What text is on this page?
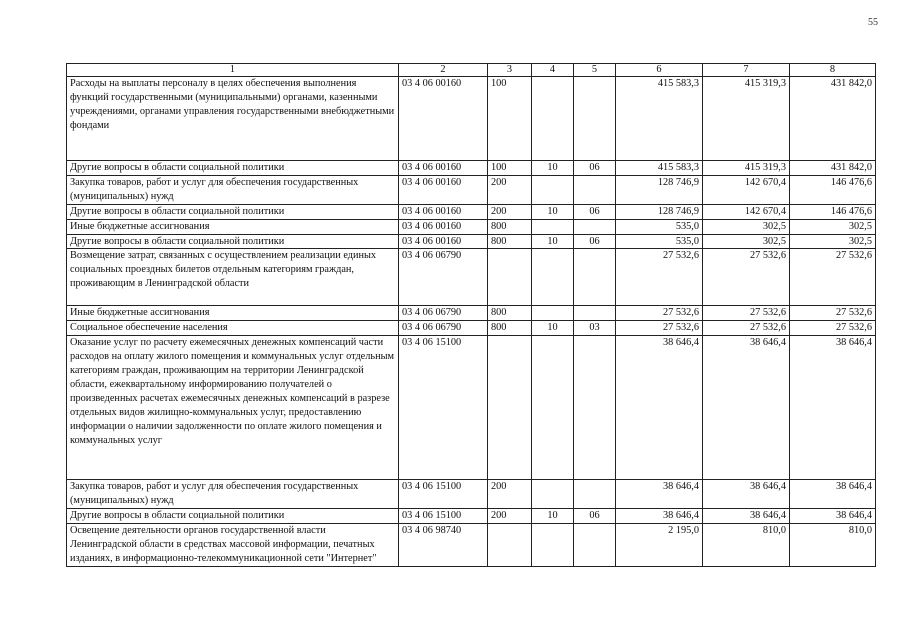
55
1	2	3	4	5	6	7	8
Расходы на выплаты персоналу в целях обеспечения выполнения функций государственными (муниципальными) органами, казенными учреждениями, органами управления государственными внебюджетными фондами	03 4 06 00160	100			415 583,3	415 319,3	431 842,0
Другие вопросы в области социальной политики	03 4 06 00160	100	10	06	415 583,3	415 319,3	431 842,0
Закупка товаров, работ и услуг для обеспечения государственных (муниципальных) нужд	03 4 06 00160	200			128 746,9	142 670,4	146 476,6
Другие вопросы в области социальной политики	03 4 06 00160	200	10	06	128 746,9	142 670,4	146 476,6
Иные бюджетные ассигнования	03 4 06 00160	800			535,0	302,5	302,5
Другие вопросы в области социальной политики	03 4 06 00160	800	10	06	535,0	302,5	302,5
Возмещение затрат, связанных с осуществлением реализации единых социальных проездных билетов отдельным категориям граждан, проживающим в Ленинградской области	03 4 06 06790				27 532,6	27 532,6	27 532,6
Иные бюджетные ассигнования	03 4 06 06790	800			27 532,6	27 532,6	27 532,6
Социальное обеспечение населения	03 4 06 06790	800	10	03	27 532,6	27 532,6	27 532,6
Оказание услуг по расчету ежемесячных денежных компенсаций части расходов на оплату жилого помещения и коммунальных услуг отдельным категориям граждан, проживающим на территории Ленинградской области, ежеквартальному информированию получателей о произведенных расчетах ежемесячных денежных компенсаций в разрезе отдельных видов жилищно-коммунальных услуг, предоставлению информации о наличии задолженности по оплате жилого помещения и коммунальных услуг	03 4 06 15100				38 646,4	38 646,4	38 646,4
Закупка товаров, работ и услуг для обеспечения государственных (муниципальных) нужд	03 4 06 15100	200			38 646,4	38 646,4	38 646,4
Другие вопросы в области социальной политики	03 4 06 15100	200	10	06	38 646,4	38 646,4	38 646,4
Освещение деятельности органов государственной власти Ленинградской области в средствах массовой информации, печатных изданиях, в информационно-телекоммуникационной сети "Интернет"	03 4 06 98740				2 195,0	810,0	810,0
